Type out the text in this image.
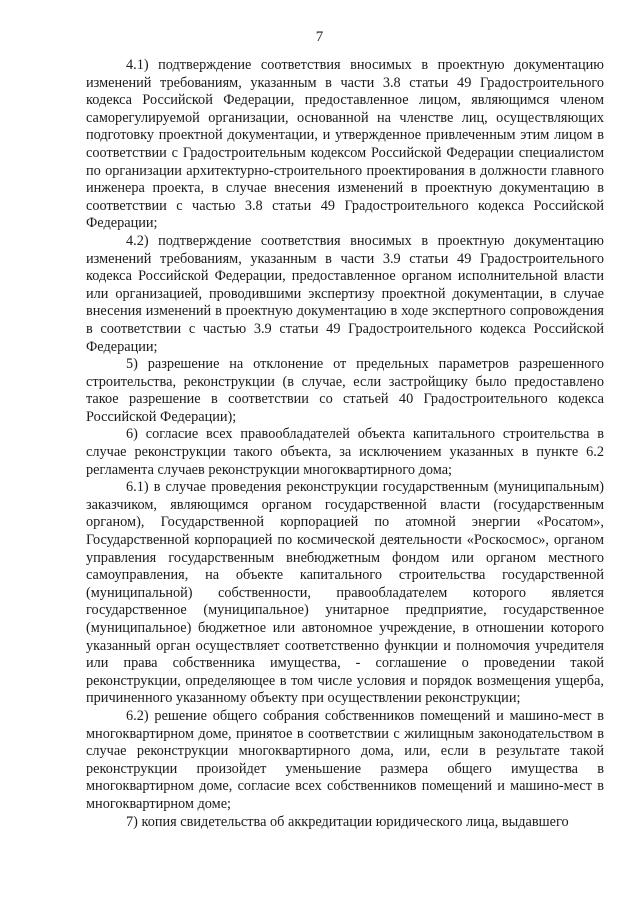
7

4.1) подтверждение соответствия вносимых в проектную документацию изменений требованиям, указанным в части 3.8 статьи 49 Градостроительного кодекса Российской Федерации, предоставленное лицом, являющимся членом саморегулируемой организации, основанной на членстве лиц, осуществляющих подготовку проектной документации, и утвержденное привлеченным этим лицом в соответствии с Градостроительным кодексом Российской Федерации специалистом по организации архитектурно-строительного проектирования в должности главного инженера проекта, в случае внесения изменений в проектную документацию в соответствии с частью 3.8 статьи 49 Градостроительного кодекса Российской Федерации;

4.2) подтверждение соответствия вносимых в проектную документацию изменений требованиям, указанным в части 3.9 статьи 49 Градостроительного кодекса Российской Федерации, предоставленное органом исполнительной власти или организацией, проводившими экспертизу проектной документации, в случае внесения изменений в проектную документацию в ходе экспертного сопровождения в соответствии с частью 3.9 статьи 49 Градостроительного кодекса Российской Федерации;

5) разрешение на отклонение от предельных параметров разрешенного строительства, реконструкции (в случае, если застройщику было предоставлено такое разрешение в соответствии со статьей 40 Градостроительного кодекса Российской Федерации);

6) согласие всех правообладателей объекта капитального строительства в случае реконструкции такого объекта, за исключением указанных в пункте 6.2 регламента случаев реконструкции многоквартирного дома;

6.1) в случае проведения реконструкции государственным (муниципальным) заказчиком, являющимся органом государственной власти (государственным органом), Государственной корпорацией по атомной энергии «Росатом», Государственной корпорацией по космической деятельности «Роскосмос», органом управления государственным внебюджетным фондом или органом местного самоуправления, на объекте капитального строительства государственной (муниципальной) собственности, правообладателем которого является государственное (муниципальное) унитарное предприятие, государственное (муниципальное) бюджетное или автономное учреждение, в отношении которого указанный орган осуществляет соответственно функции и полномочия учредителя или права собственника имущества, - соглашение о проведении такой реконструкции, определяющее в том числе условия и порядок возмещения ущерба, причиненного указанному объекту при осуществлении реконструкции;

6.2) решение общего собрания собственников помещений и машино-мест в многоквартирном доме, принятое в соответствии с жилищным законодательством в случае реконструкции многоквартирного дома, или, если в результате такой реконструкции произойдет уменьшение размера общего имущества в многоквартирном доме, согласие всех собственников помещений и машино-мест в многоквартирном доме;

7) копия свидетельства об аккредитации юридического лица, выдавшего
